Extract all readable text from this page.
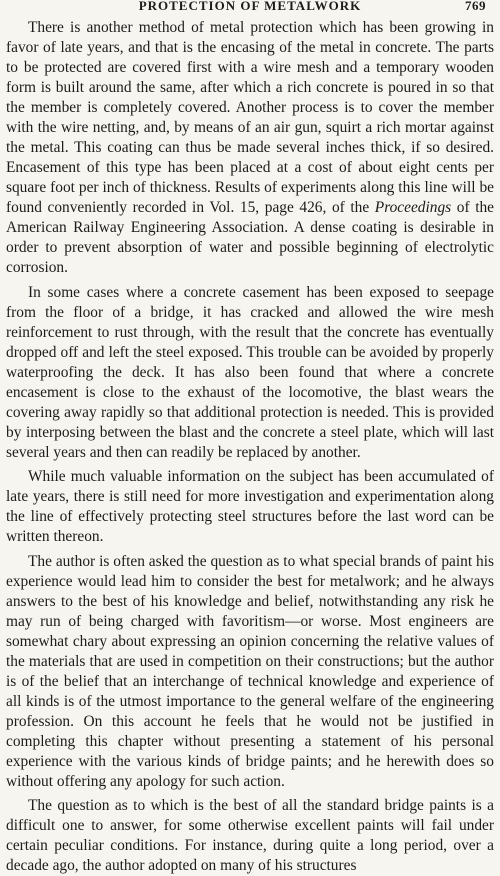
PROTECTION OF METALWORK	769

There is another method of metal protection which has been growing in favor of late years, and that is the encasing of the metal in concrete. The parts to be protected are covered first with a wire mesh and a temporary wooden form is built around the same, after which a rich concrete is poured in so that the member is completely covered. Another process is to cover the member with the wire netting, and, by means of an air gun, squirt a rich mortar against the metal. This coating can thus be made several inches thick, if so desired. Encasement of this type has been placed at a cost of about eight cents per square foot per inch of thickness. Results of experiments along this line will be found conveniently recorded in Vol. 15, page 426, of the Proceedings of the American Railway Engineering Association. A dense coating is desirable in order to prevent absorption of water and possible beginning of electrolytic corrosion.

In some cases where a concrete casement has been exposed to seepage from the floor of a bridge, it has cracked and allowed the wire mesh reinforcement to rust through, with the result that the concrete has eventually dropped off and left the steel exposed. This trouble can be avoided by properly waterproofing the deck. It has also been found that where a concrete encasement is close to the exhaust of the locomotive, the blast wears the covering away rapidly so that additional protection is needed. This is provided by interposing between the blast and the concrete a steel plate, which will last several years and then can readily be replaced by another.

While much valuable information on the subject has been accumulated of late years, there is still need for more investigation and experimentation along the line of effectively protecting steel structures before the last word can be written thereon.

The author is often asked the question as to what special brands of paint his experience would lead him to consider the best for metalwork; and he always answers to the best of his knowledge and belief, notwithstanding any risk he may run of being charged with favoritism—or worse. Most engineers are somewhat chary about expressing an opinion concerning the relative values of the materials that are used in competition on their constructions; but the author is of the belief that an interchange of technical knowledge and experience of all kinds is of the utmost importance to the general welfare of the engineering profession. On this account he feels that he would not be justified in completing this chapter without presenting a statement of his personal experience with the various kinds of bridge paints; and he herewith does so without offering any apology for such action.

The question as to which is the best of all the standard bridge paints is a difficult one to answer, for some otherwise excellent paints will fail under certain peculiar conditions. For instance, during quite a long period, over a decade ago, the author adopted on many of his structures
